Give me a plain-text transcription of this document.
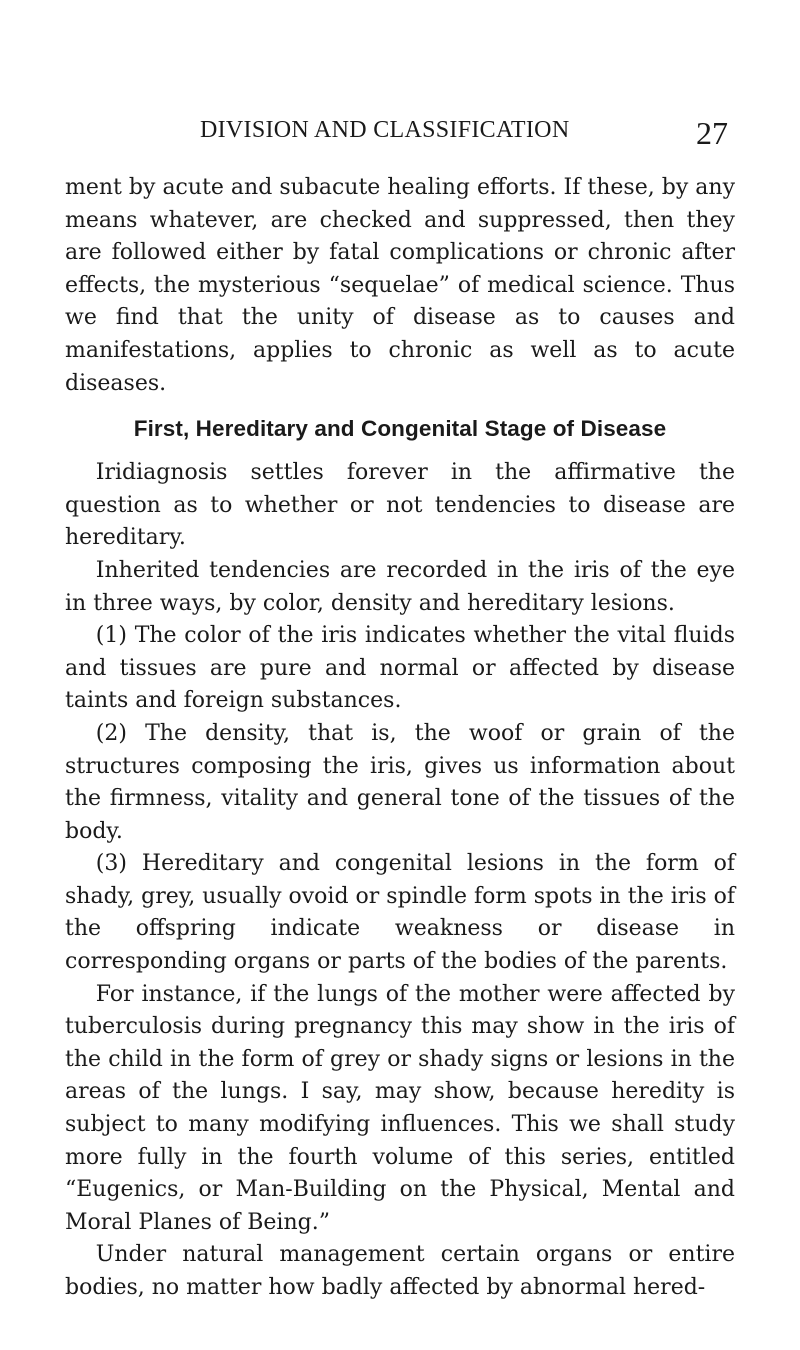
DIVISION AND CLASSIFICATION	27

ment by acute and subacute healing efforts. If these, by any means whatever, are checked and suppressed, then they are followed either by fatal complications or chronic after effects, the mysterious “sequelae” of medical science. Thus we find that the unity of disease as to causes and manifestations, applies to chronic as well as to acute diseases.

First, Hereditary and Congenital Stage of Disease

Iridiagnosis settles forever in the affirmative the question as to whether or not tendencies to disease are hereditary.

Inherited tendencies are recorded in the iris of the eye in three ways, by color, density and hereditary lesions.

(1) The color of the iris indicates whether the vital fluids and tissues are pure and normal or affected by disease taints and foreign substances.

(2) The density, that is, the woof or grain of the structures composing the iris, gives us information about the firmness, vitality and general tone of the tissues of the body.

(3) Hereditary and congenital lesions in the form of shady, grey, usually ovoid or spindle form spots in the iris of the offspring indicate weakness or disease in corresponding organs or parts of the bodies of the parents.

For instance, if the lungs of the mother were affected by tuberculosis during pregnancy this may show in the iris of the child in the form of grey or shady signs or lesions in the areas of the lungs. I say, may show, because heredity is subject to many modifying influences. This we shall study more fully in the fourth volume of this series, entitled “Eugenics, or Man-Building on the Physical, Mental and Moral Planes of Being.”

Under natural management certain organs or entire bodies, no matter how badly affected by abnormal hered-
